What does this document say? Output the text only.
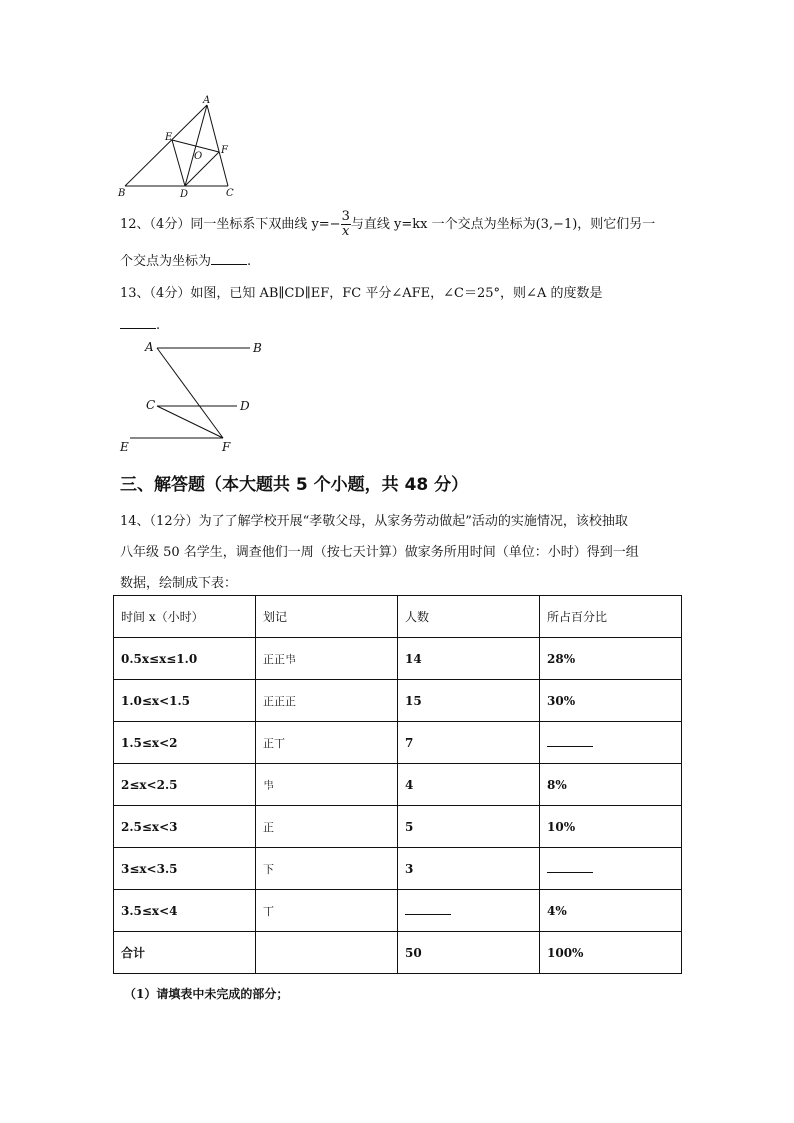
A
E
O
F
B	D	C
12、（4分）同一坐标系下双曲线 $y=- \frac{3}{x}$ 与直线 y=kx 一个交点为坐标为(3,−1)，则它们另一
个交点为坐标为	.
13、（4分）如图，已知 AB∥CD∥EF，FC 平分∠AFE，∠C＝25°，则∠A 的度数是
.
A	B
C	D
E	F
三、解答题（本大题共 5 个小题，共 48 分）
14、（12分）为了了解学校开展“孝敬父母，从家务劳动做起”活动的实施情况，该校抽取
八年级 50 名学生，调查他们一周（按七天计算）做家务所用时间（单位：小时）得到一组
数据，绘制成下表：
时间 x（小时）	划记	人数	所占百分比
0.5x≤x≤1.0	正正𠁧	14	28%
1.0≤x<1.5	正正正	15	30%
1.5≤x<2	正丅	7	
2≤x<2.5	𠁧	4	8%
2.5≤x<3	正	5	10%
3≤x<3.5	下	3	
3.5≤x<4	丅		4%
合计		50	100%
（1）请填表中未完成的部分；
